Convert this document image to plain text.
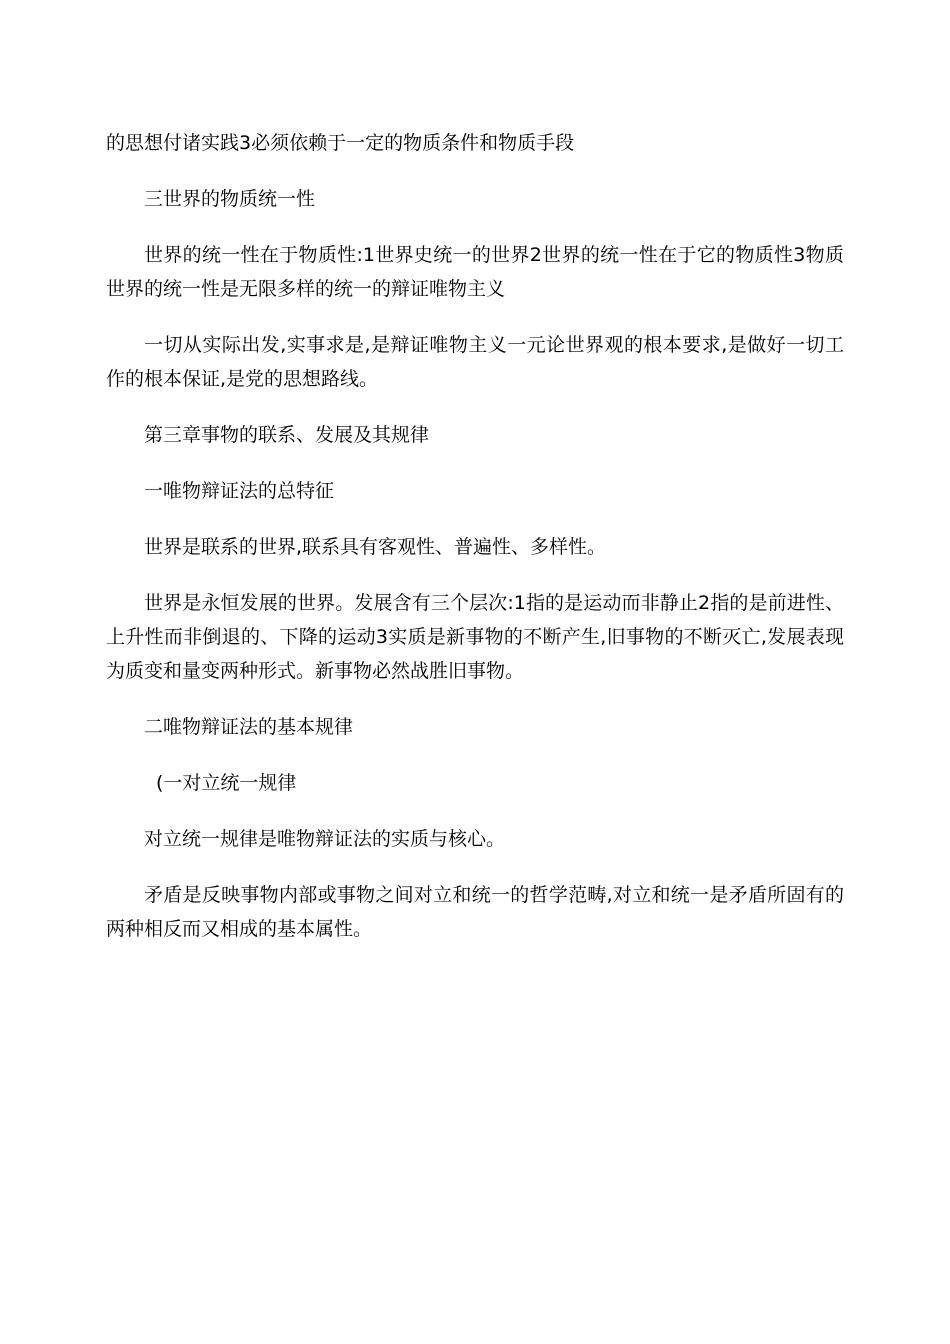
的思想付诸实践3必须依赖于一定的物质条件和物质手段

三世界的物质统一性

世界的统一性在于物质性:1世界史统一的世界2世界的统一性在于它的物质性3物质世界的统一性是无限多样的统一的辩证唯物主义

一切从实际出发,实事求是,是辩证唯物主义一元论世界观的根本要求,是做好一切工作的根本保证,是党的思想路线。

第三章事物的联系、发展及其规律

一唯物辩证法的总特征

世界是联系的世界,联系具有客观性、普遍性、多样性。

世界是永恒发展的世界。发展含有三个层次:1指的是运动而非静止2指的是前进性、上升性而非倒退的、下降的运动3实质是新事物的不断产生,旧事物的不断灭亡,发展表现为质变和量变两种形式。新事物必然战胜旧事物。

二唯物辩证法的基本规律

(一对立统一规律

对立统一规律是唯物辩证法的实质与核心。

矛盾是反映事物内部或事物之间对立和统一的哲学范畴,对立和统一是矛盾所固有的两种相反而又相成的基本属性。
